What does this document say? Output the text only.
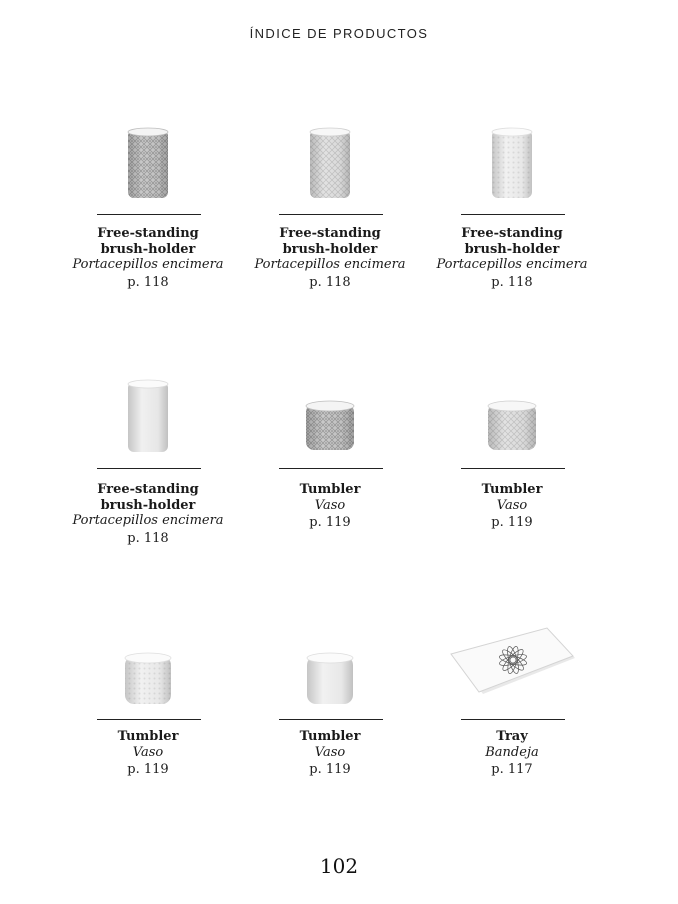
ÍNDICE DE PRODUCTOS
Free-standing
brush-holder
Portacepillos encimera
p. 118
Free-standing
brush-holder
Portacepillos encimera
p. 118
Free-standing
brush-holder
Portacepillos encimera
p. 118
Free-standing
brush-holder
Portacepillos encimera
p. 118
Tumbler
Vaso
p. 119
Tumbler
Vaso
p. 119
Tumbler
Vaso
p. 119
Tumbler
Vaso
p. 119
Tray
Bandeja
p. 117
102
